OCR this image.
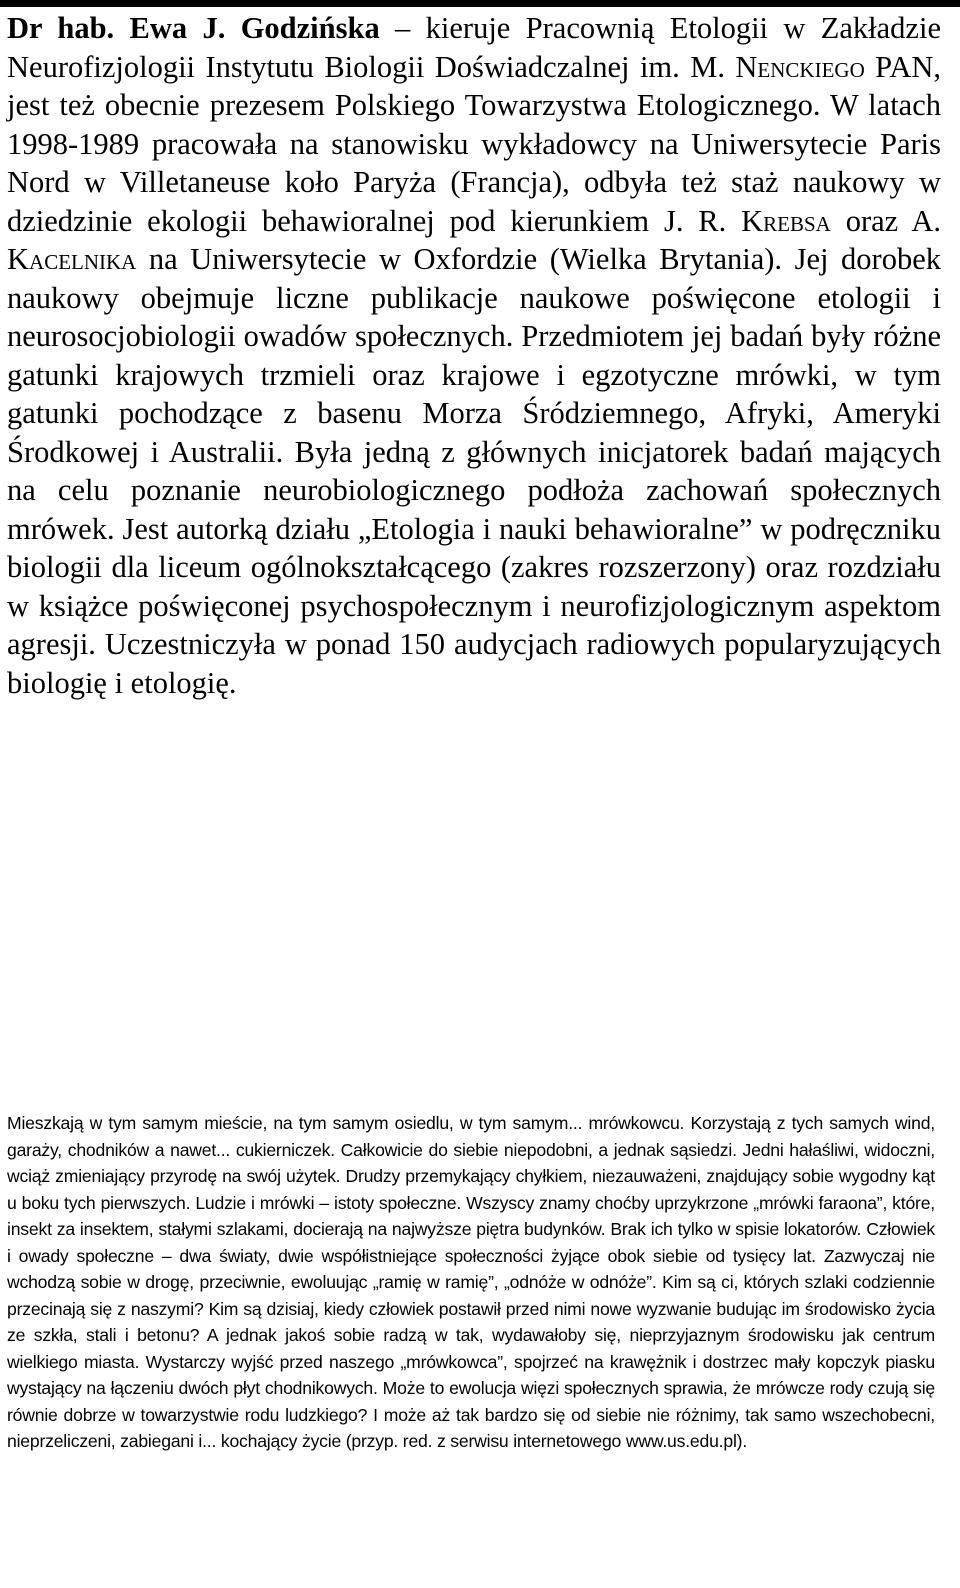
Dr hab. Ewa J. Godzińska – kieruje Pracownią Etologii w Zakładzie Neurofizjologii Instytutu Biologii Doświadczalnej im. M. Nenckiego PAN, jest też obecnie prezesem Polskiego Towarzystwa Etologicznego. W latach 1998-1989 pracowała na stanowisku wykładowcy na Uniwersytecie Paris Nord w Villetaneuse koło Paryża (Francja), odbyła też staż naukowy w dziedzinie ekologii behawioralnej pod kierunkiem J. R. Krebsa oraz A. Kacelnika na Uniwersytecie w Oxfordzie (Wielka Brytania). Jej dorobek naukowy obejmuje liczne publikacje naukowe poświęcone etologii i neurosocjobiologii owadów społecznych. Przedmiotem jej badań były różne gatunki krajowych trzmieli oraz krajowe i egzotyczne mrówki, w tym gatunki pochodzące z basenu Morza Śródziemnego, Afryki, Ameryki Środkowej i Australii. Była jedną z głównych inicjatorek badań mających na celu poznanie neurobiologicznego podłoża zachowań społecznych mrówek. Jest autorką działu „Etologia i nauki behawioralne” w podręczniku biologii dla liceum ogólnokształcącego (zakres rozszerzony) oraz rozdziału w książce poświęconej psychospołecznym i neurofizjologicznym aspektom agresji. Uczestniczyła w ponad 150 audycjach radiowych popularyzujących biologię i etologię.

Mieszkają w tym samym mieście, na tym samym osiedlu, w tym samym... mrówkowcu. Korzystają z tych samych wind, garaży, chodników a nawet... cukierniczek. Całkowicie do siebie niepodobni, a jednak sąsiedzi. Jedni hałaśliwi, widoczni, wciąż zmieniający przyrodę na swój użytek. Drudzy przemykający chyłkiem, niezauważeni, znajdujący sobie wygodny kąt u boku tych pierwszych. Ludzie i mrówki – istoty społeczne. Wszyscy znamy choćby uprzykrzone „mrówki faraona”, które, insekt za insektem, stałymi szlakami, docierają na najwyższe piętra budynków. Brak ich tylko w spisie lokatorów. Człowiek i owady społeczne – dwa światy, dwie współistniejące społeczności żyjące obok siebie od tysięcy lat. Zazwyczaj nie wchodzą sobie w drogę, przeciwnie, ewoluując „ramię w ramię”, „odnóże w odnóże”. Kim są ci, których szlaki codziennie przecinają się z naszymi? Kim są dzisiaj, kiedy człowiek postawił przed nimi nowe wyzwanie budując im środowisko życia ze szkła, stali i betonu? A jednak jakoś sobie radzą w tak, wydawałoby się, nieprzyjaznym środowisku jak centrum wielkiego miasta. Wystarczy wyjść przed naszego „mrówkowca”, spojrzeć na krawężnik i dostrzec mały kopczyk piasku wystający na łączeniu dwóch płyt chodnikowych. Może to ewolucja więzi społecznych sprawia, że mrówcze rody czują się równie dobrze w towarzystwie rodu ludzkiego? I może aż tak bardzo się od siebie nie różnimy, tak samo wszechobecni, nieprzeliczeni, zabiegani i... kochający życie (przyp. red. z serwisu internetowego www.us.edu.pl).
